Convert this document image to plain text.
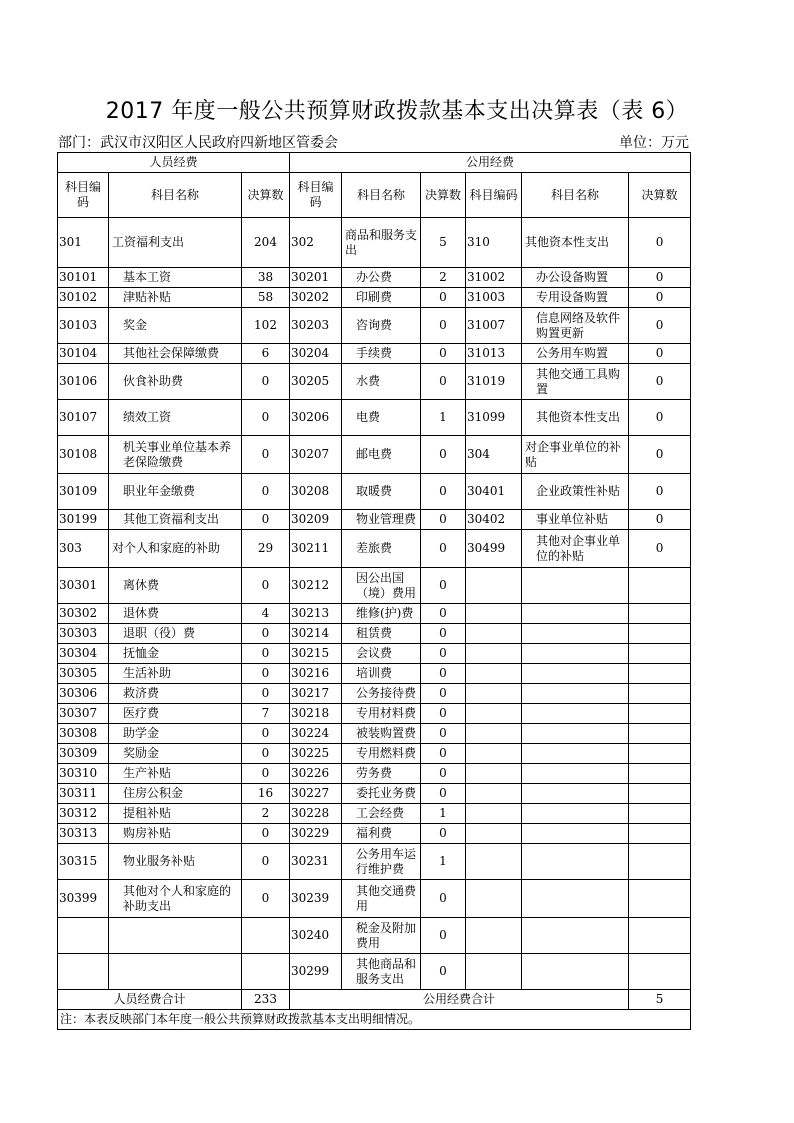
2017 年度一般公共预算财政拨款基本支出决算表（表 6）
部门：武汉市汉阳区人民政府四新地区管委会	单位：万元
人员经费			公用经费					
科目编码	科目名称	决算数	科目编码	科目名称	决算数	科目编码	科目名称	决算数
301	工资福利支出	204	302	商品和服务支出	5	310	其他资本性支出	0
30101	基本工资	38	30201	办公费	2	31002	办公设备购置	0
30102	津贴补贴	58	30202	印刷费	0	31003	专用设备购置	0
30103	奖金	102	30203	咨询费	0	31007	信息网络及软件购置更新	0
30104	其他社会保障缴费	6	30204	手续费	0	31013	公务用车购置	0
30106	伙食补助费	0	30205	水费	0	31019	其他交通工具购置	0
30107	绩效工资	0	30206	电费	1	31099	其他资本性支出	0
30108	机关事业单位基本养老保险缴费	0	30207	邮电费	0	304	对企事业单位的补贴	0
30109	职业年金缴费	0	30208	取暖费	0	30401	企业政策性补贴	0
30199	其他工资福利支出	0	30209	物业管理费	0	30402	事业单位补贴	0
303	对个人和家庭的补助	29	30211	差旅费	0	30499	其他对企事业单位的补贴	0
30301	离休费	0	30212	因公出国（境）费用	0			
30302	退休费	4	30213	维修(护)费	0			
30303	退职（役）费	0	30214	租赁费	0			
30304	抚恤金	0	30215	会议费	0			
30305	生活补助	0	30216	培训费	0			
30306	救济费	0	30217	公务接待费	0			
30307	医疗费	7	30218	专用材料费	0			
30308	助学金	0	30224	被装购置费	0			
30309	奖励金	0	30225	专用燃料费	0			
30310	生产补贴	0	30226	劳务费	0			
30311	住房公积金	16	30227	委托业务费	0			
30312	提租补贴	2	30228	工会经费	1			
30313	购房补贴	0	30229	福利费	0			
30315	物业服务补贴	0	30231	公务用车运行维护费	1			
30399	其他对个人和家庭的补助支出	0	30239	其他交通费用	0			
			30240	税金及附加费用	0			
			30299	其他商品和服务支出	0			
人员经费合计		233	公用经费合计					5
注：本表反映部门本年度一般公共预算财政拨款基本支出明细情况。								
